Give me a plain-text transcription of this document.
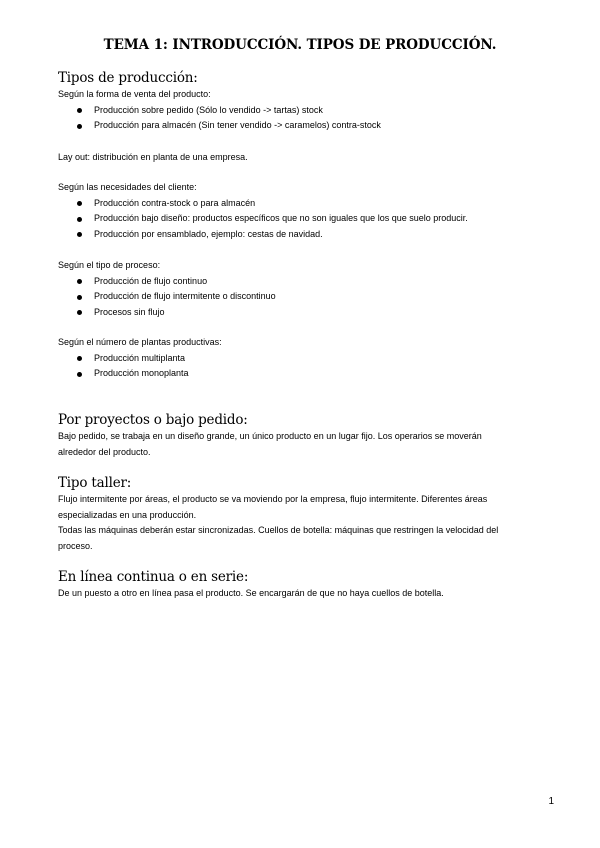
TEMA 1: INTRODUCCIÓN. TIPOS DE PRODUCCIÓN.
Tipos de producción:
Según la forma de venta del producto:
Producción sobre pedido (Sólo lo vendido -> tartas) stock
Producción para almacén (Sin tener vendido -> caramelos) contra-stock
Lay out: distribución en planta de una empresa.
Según las necesidades del cliente:
Producción contra-stock o para almacén
Producción bajo diseño: productos específicos que no son iguales que los que suelo producir.
Producción por ensamblado, ejemplo: cestas de navidad.
Según el tipo de proceso:
Producción de flujo continuo
Producción de flujo intermitente o discontinuo
Procesos sin flujo
Según el número de plantas productivas:
Producción multiplanta
Producción monoplanta
Por proyectos o bajo pedido:
Bajo pedido, se trabaja en un diseño grande, un único producto en un lugar fijo. Los operarios se moverán
alrededor del producto.
Tipo taller:
Flujo intermitente por áreas, el producto se va moviendo por la empresa, flujo intermitente. Diferentes áreas
especializadas en una producción.
Todas las máquinas deberán estar sincronizadas. Cuellos de botella: máquinas que restringen la velocidad del
proceso.
En línea continua o en serie:
De un puesto a otro en línea pasa el producto. Se encargarán de que no haya cuellos de botella.
1
